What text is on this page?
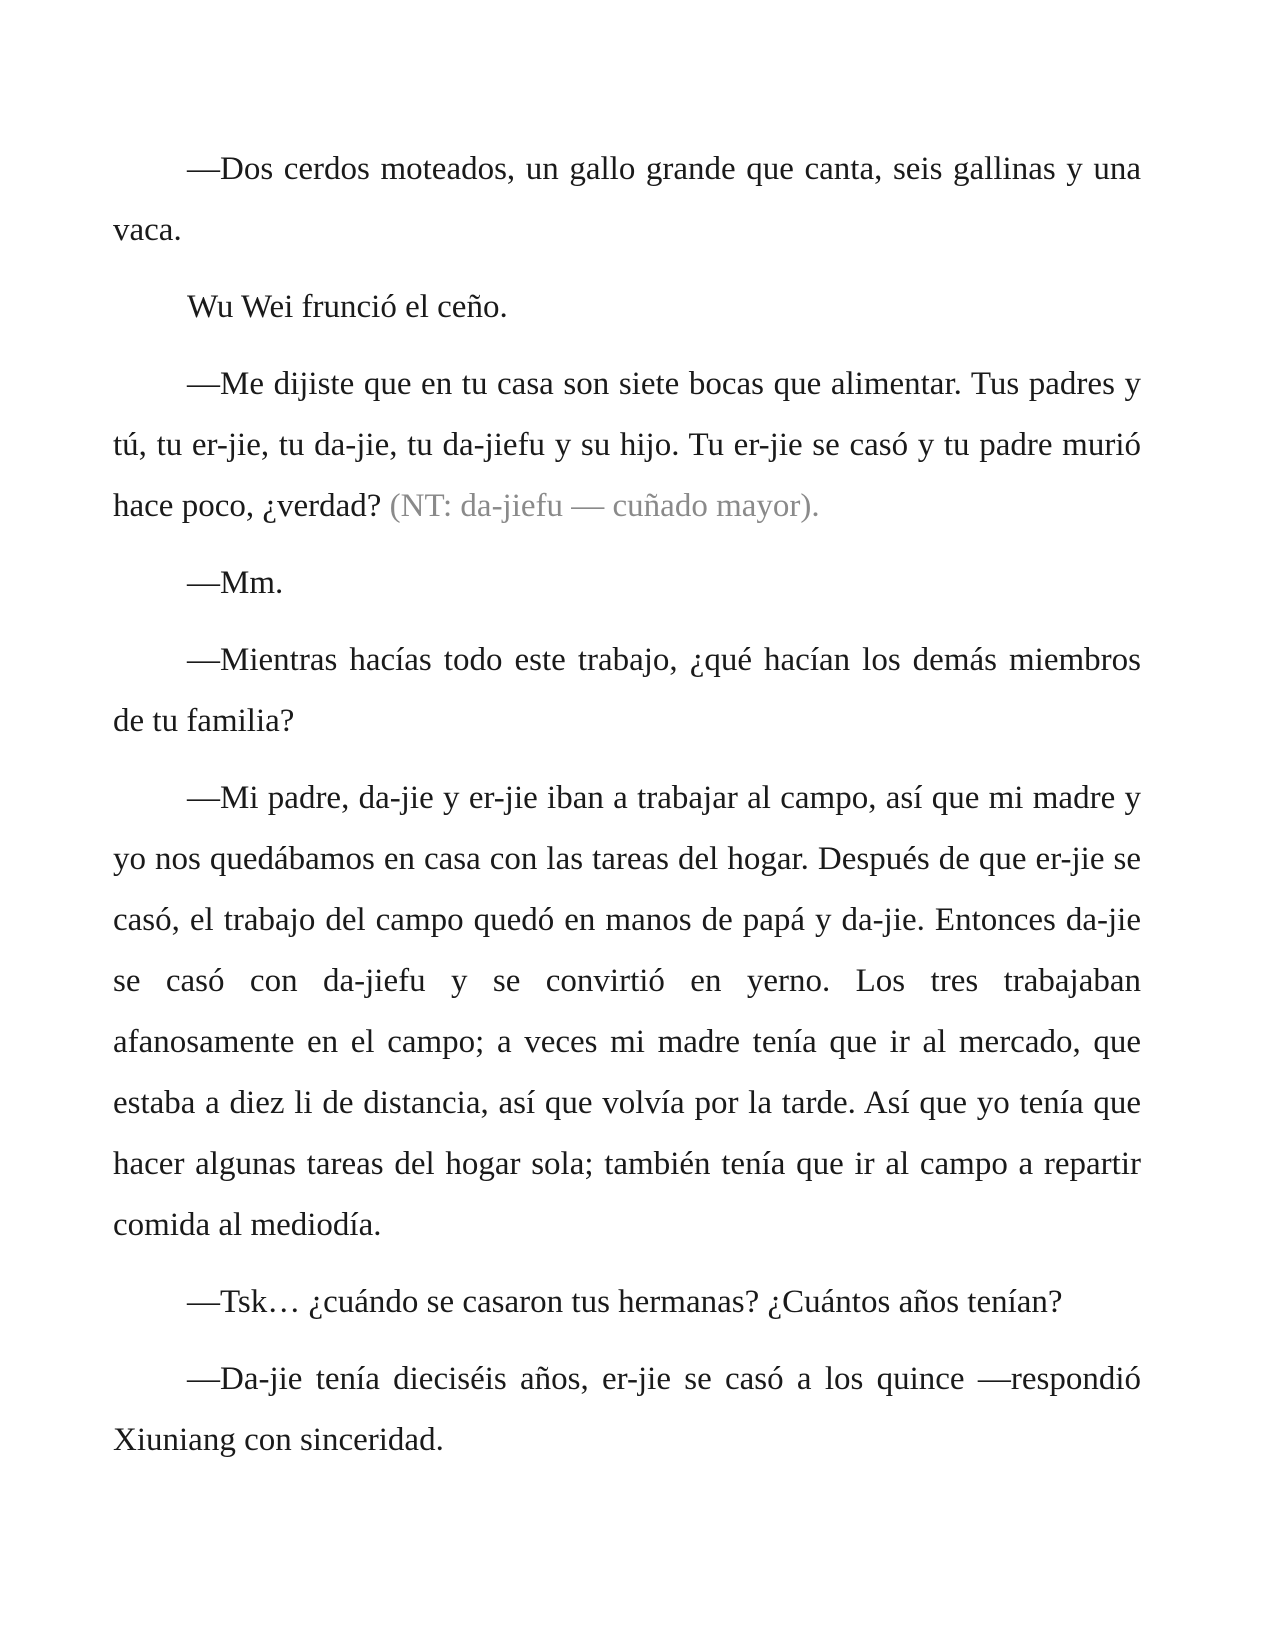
—Dos cerdos moteados, un gallo grande que canta, seis gallinas y una vaca.

Wu Wei frunció el ceño.

—Me dijiste que en tu casa son siete bocas que alimentar. Tus padres y tú, tu er-jie, tu da-jie, tu da-jiefu y su hijo. Tu er-jie se casó y tu padre murió hace poco, ¿verdad? (NT: da-jiefu — cuñado mayor).

—Mm.

—Mientras hacías todo este trabajo, ¿qué hacían los demás miembros de tu familia?

—Mi padre, da-jie y er-jie iban a trabajar al campo, así que mi madre y yo nos quedábamos en casa con las tareas del hogar. Después de que er-jie se casó, el trabajo del campo quedó en manos de papá y da-jie. Entonces da-jie se casó con da-jiefu y se convirtió en yerno. Los tres trabajaban afanosamente en el campo; a veces mi madre tenía que ir al mercado, que estaba a diez li de distancia, así que volvía por la tarde. Así que yo tenía que hacer algunas tareas del hogar sola; también tenía que ir al campo a repartir comida al mediodía.

—Tsk… ¿cuándo se casaron tus hermanas? ¿Cuántos años tenían?

—Da-jie tenía dieciséis años, er-jie se casó a los quince —respondió Xiuniang con sinceridad.
